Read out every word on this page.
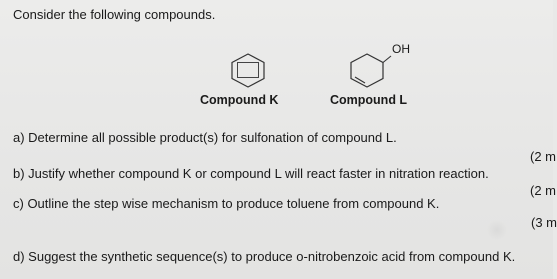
Consider the following compounds.
OH
Compound K	Compound L
a) Determine all possible product(s) for sulfonation of compound L.
(2 m
b) Justify whether compound K or compound L will react faster in nitration reaction.
(2 m
c) Outline the step wise mechanism to produce toluene from compound K.
(3 m
d) Suggest the synthetic sequence(s) to produce o-nitrobenzoic acid from compound K.
